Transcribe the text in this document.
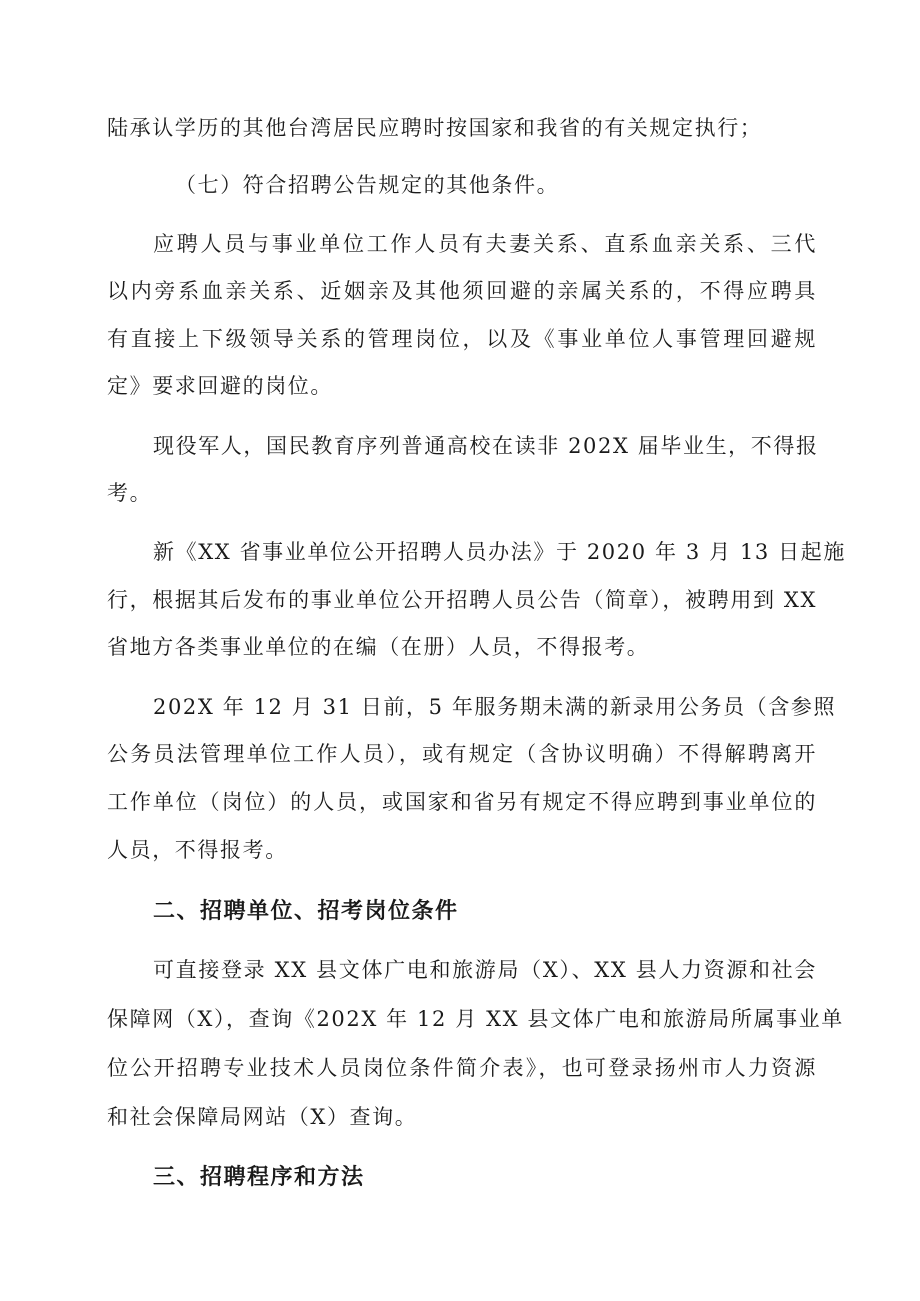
陆承认学历的其他台湾居民应聘时按国家和我省的有关规定执行；
（七）符合招聘公告规定的其他条件。
应聘人员与事业单位工作人员有夫妻关系、直系血亲关系、三代
以内旁系血亲关系、近姻亲及其他须回避的亲属关系的，不得应聘具
有直接上下级领导关系的管理岗位，以及《事业单位人事管理回避规
定》要求回避的岗位。
现役军人，国民教育序列普通高校在读非 202X 届毕业生，不得报
考。
新《XX 省事业单位公开招聘人员办法》于 2020 年 3 月 13 日起施
行，根据其后发布的事业单位公开招聘人员公告（简章），被聘用到 XX
省地方各类事业单位的在编（在册）人员，不得报考。
202X 年 12 月 31 日前，5 年服务期未满的新录用公务员（含参照
公务员法管理单位工作人员），或有规定（含协议明确）不得解聘离开
工作单位（岗位）的人员，或国家和省另有规定不得应聘到事业单位的
人员，不得报考。
二、招聘单位、招考岗位条件
可直接登录 XX 县文体广电和旅游局（X）、XX 县人力资源和社会
保障网（X），查询《202X 年 12 月 XX 县文体广电和旅游局所属事业单
位公开招聘专业技术人员岗位条件简介表》，也可登录扬州市人力资源
和社会保障局网站（X）查询。
三、招聘程序和方法
